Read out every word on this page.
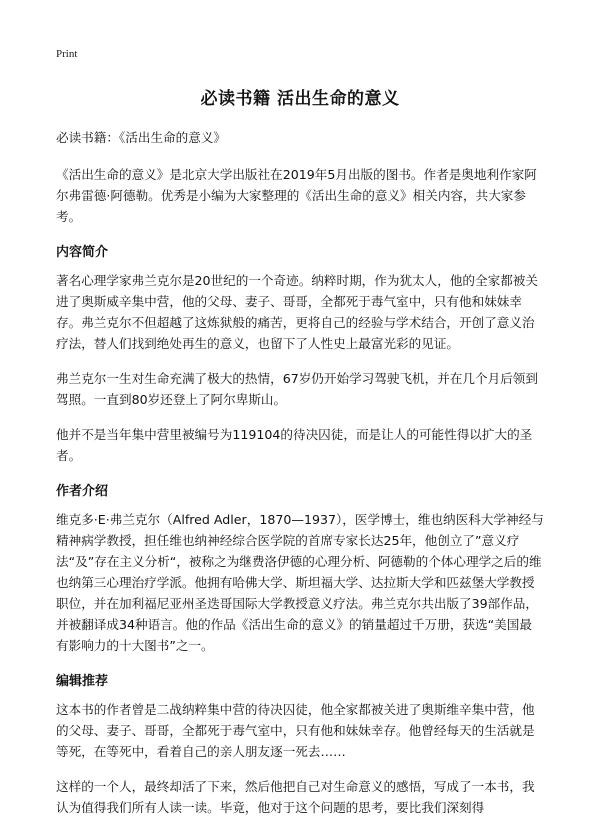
Print
必读书籍 活出生命的意义

必读书籍：《活出生命的意义》

《活出生命的意义》是北京大学出版社在2019年5月出版的图书。作者是奥地利作家阿尔弗雷德·阿德勒。优秀是小编为大家整理的《活出生命的意义》相关内容，共大家参考。

内容简介

著名心理学家弗兰克尔是20世纪的一个奇迹。纳粹时期，作为犹太人，他的全家都被关进了奥斯威辛集中营，他的父母、妻子、哥哥，全都死于毒气室中，只有他和妹妹幸存。弗兰克尔不但超越了这炼狱般的痛苦，更将自己的经验与学术结合，开创了意义治疗法，替人们找到绝处再生的意义，也留下了人性史上最富光彩的见证。

弗兰克尔一生对生命充满了极大的热情，67岁仍开始学习驾驶飞机，并在几个月后领到驾照。一直到80岁还登上了阿尔卑斯山。

他并不是当年集中营里被编号为119104的待决囚徒，而是让人的可能性得以扩大的圣者。

作者介绍

维克多·E·弗兰克尔（Alfred Adler，1870—1937），医学博士，维也纳医科大学神经与精神病学教授，担任维也纳神经综合医学院的首席专家长达25年，他创立了”意义疗法“及”存在主义分析“，被称之为继费洛伊德的心理分析、阿德勒的个体心理学之后的维也纳第三心理治疗学派。他拥有哈佛大学、斯坦福大学、达拉斯大学和匹兹堡大学教授职位，并在加利福尼亚州圣迭哥国际大学教授意义疗法。弗兰克尔共出版了39部作品，并被翻译成34种语言。他的作品《活出生命的意义》的销量超过千万册，获选“美国最有影响力的十大图书”之一。

编辑推荐

这本书的作者曾是二战纳粹集中营的待决囚徒，他全家都被关进了奥斯维辛集中营，他的父母、妻子、哥哥，全都死于毒气室中，只有他和妹妹幸存。他曾经每天的生活就是等死，在等死中，看着自己的亲人朋友逐一死去……

这样的一个人，最终却活了下来，然后他把自己对生命意义的感悟，写成了一本书，我认为值得我们所有人读一读。毕竟，他对于这个问题的思考，要比我们深刻得
